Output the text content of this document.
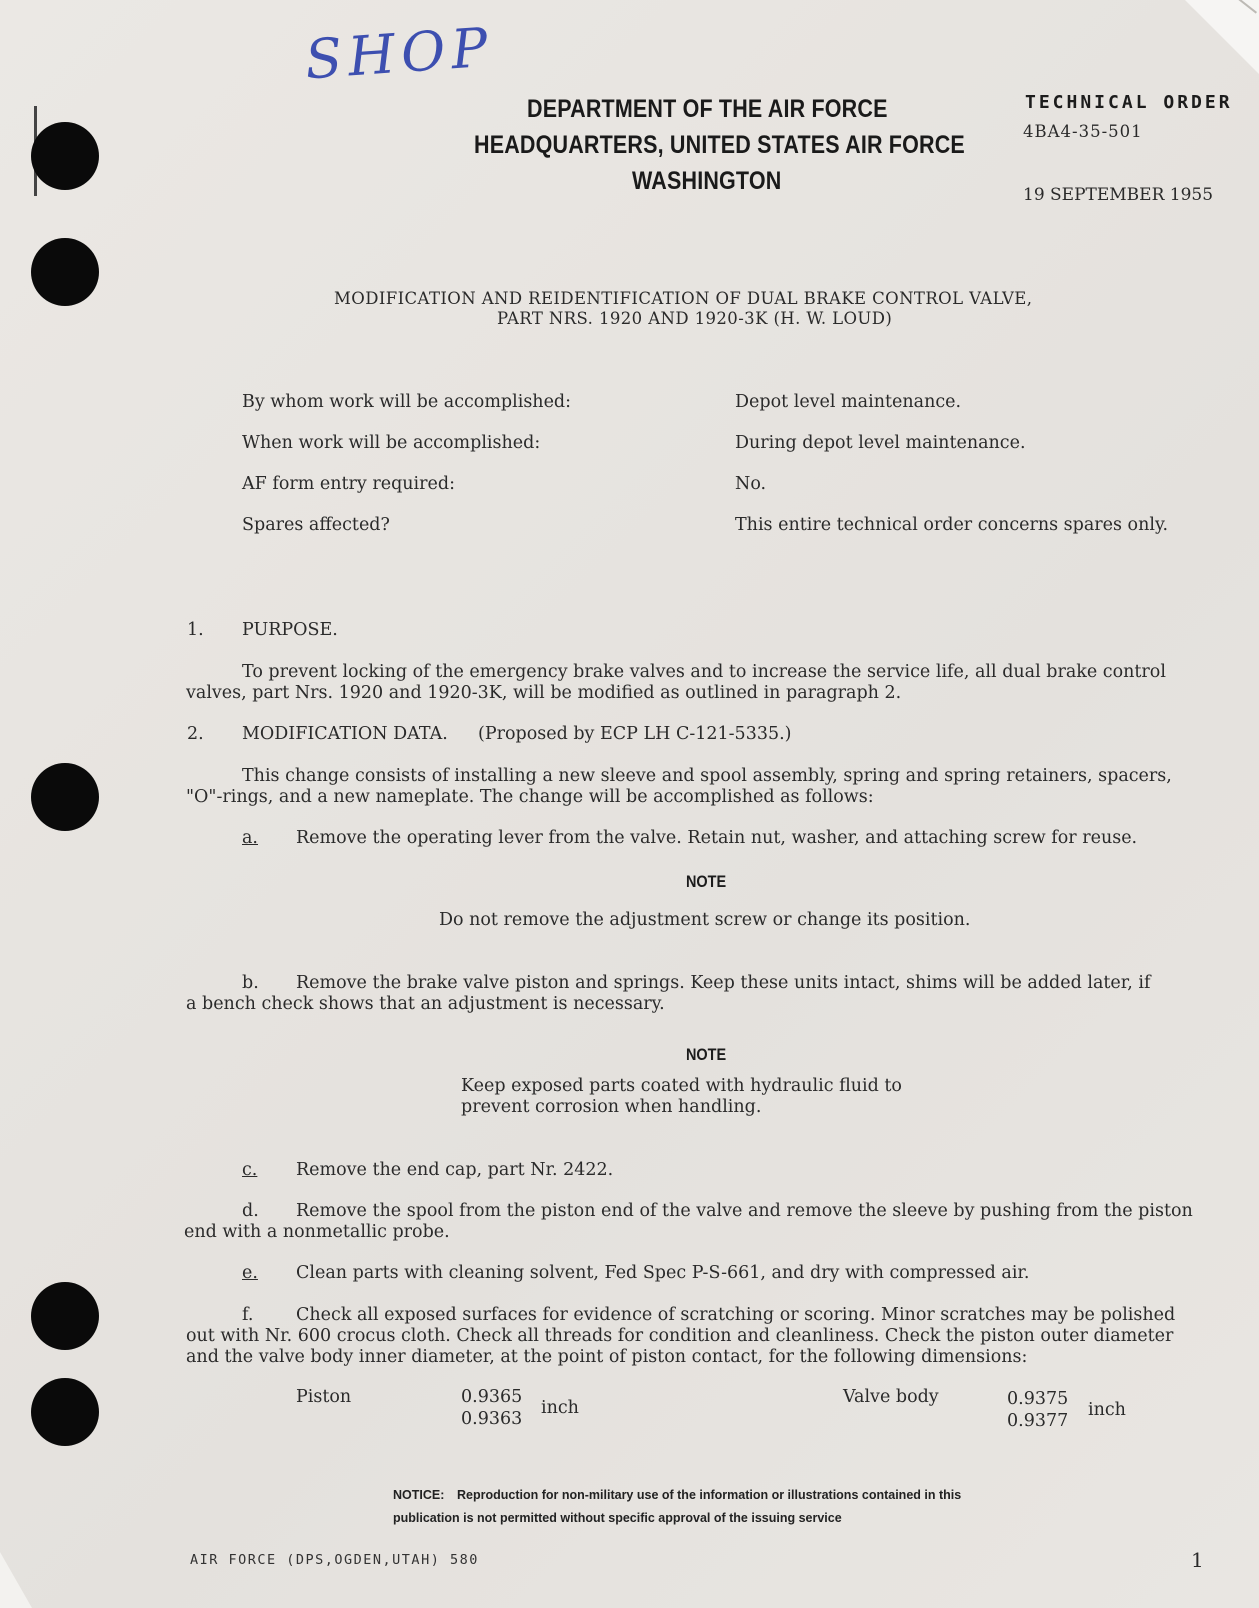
SHOP
DEPARTMENT OF THE AIR FORCE
HEADQUARTERS, UNITED STATES AIR FORCE
WASHINGTON
TECHNICAL ORDER
4BA4-35-501
19 SEPTEMBER 1955
MODIFICATION AND REIDENTIFICATION OF DUAL BRAKE CONTROL VALVE,
PART NRS. 1920 AND 1920-3K (H. W. LOUD)
By whom work will be accomplished:	Depot level maintenance.
When work will be accomplished:	During depot level maintenance.
AF form entry required:	No.
Spares affected?	This entire technical order concerns spares only.
1. PURPOSE.
To prevent locking of the emergency brake valves and to increase the service life, all dual brake control
valves, part Nrs. 1920 and 1920-3K, will be modified as outlined in paragraph 2.
2. MODIFICATION DATA. (Proposed by ECP LH C-121-5335.)
This change consists of installing a new sleeve and spool assembly, spring and spring retainers, spacers,
"O"-rings, and a new nameplate. The change will be accomplished as follows:
a. Remove the operating lever from the valve. Retain nut, washer, and attaching screw for reuse.
NOTE
Do not remove the adjustment screw or change its position.
b. Remove the brake valve piston and springs. Keep these units intact, shims will be added later, if
a bench check shows that an adjustment is necessary.
NOTE
Keep exposed parts coated with hydraulic fluid to
prevent corrosion when handling.
c. Remove the end cap, part Nr. 2422.
d. Remove the spool from the piston end of the valve and remove the sleeve by pushing from the piston
end with a nonmetallic probe.
e. Clean parts with cleaning solvent, Fed Spec P-S-661, and dry with compressed air.
f. Check all exposed surfaces for evidence of scratching or scoring. Minor scratches may be polished
out with Nr. 600 crocus cloth. Check all threads for condition and cleanliness. Check the piston outer diameter
and the valve body inner diameter, at the point of piston contact, for the following dimensions:
Piston	0.9365
0.9363
inch
Valve body	0.9375
0.9377
inch
NOTICE: Reproduction for non-military use of the information or illustrations contained in this
publication is not permitted without specific approval of the issuing service
AIR FORCE (DPS,OGDEN,UTAH) 580	1
